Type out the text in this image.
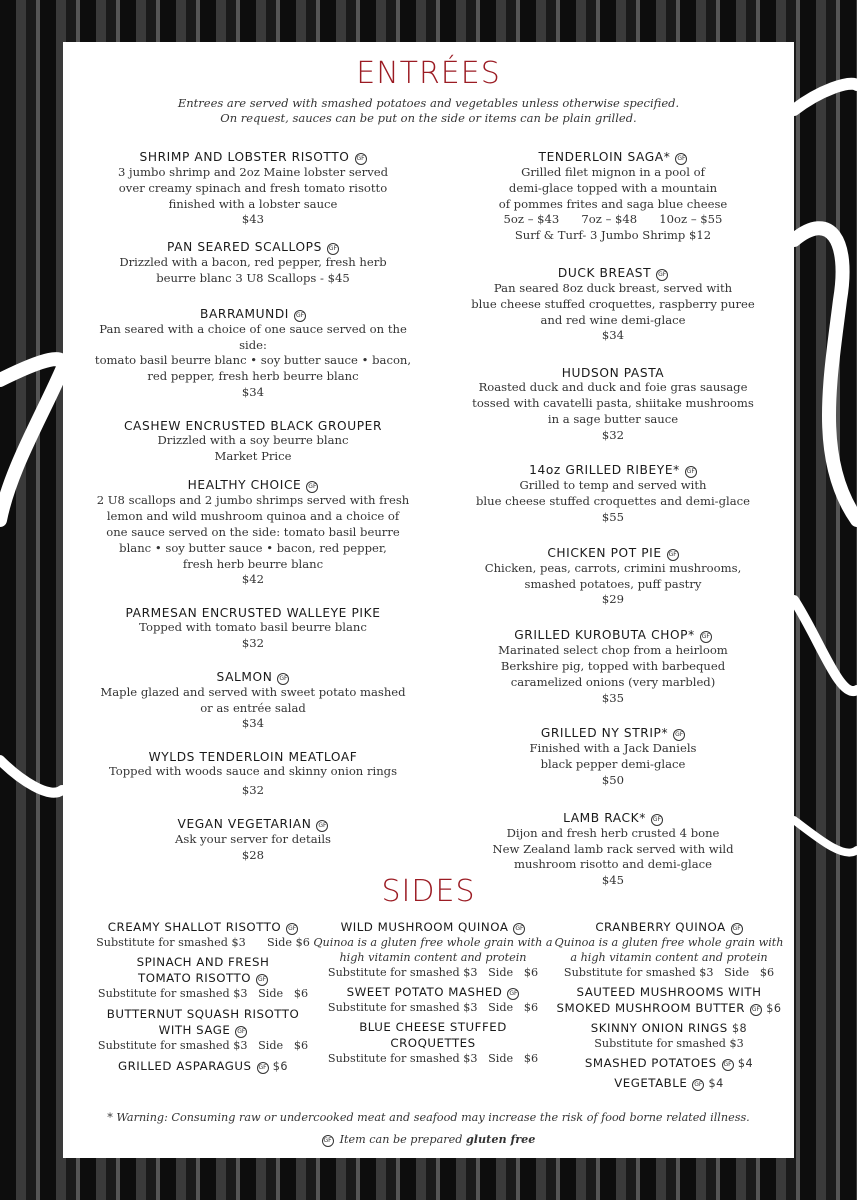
ENTRÉES
Entrees are served with smashed potatoes and vegetables unless otherwise specified.
On request, sauces can be put on the side or items can be plain grilled.
SHRIMP AND LOBSTER RISOTTO GF
3 jumbo shrimp and 2oz Maine lobster served
over creamy spinach and fresh tomato risotto
finished with a lobster sauce
$43
PAN SEARED SCALLOPS GF
Drizzled with a bacon, red pepper, fresh herb
beurre blanc 3 U8 Scallops - $45
BARRAMUNDI GF
Pan seared with a choice of one sauce served on the side:
tomato basil beurre blanc • soy butter sauce • bacon,
red pepper, fresh herb beurre blanc
$34
CASHEW ENCRUSTED BLACK GROUPER
Drizzled with a soy beurre blanc
Market Price
HEALTHY CHOICE GF
2 U8 scallops and 2 jumbo shrimps served with fresh
lemon and wild mushroom quinoa and a choice of
one sauce served on the side: tomato basil beurre
blanc • soy butter sauce • bacon, red pepper,
fresh herb beurre blanc
$42
PARMESAN ENCRUSTED WALLEYE PIKE
Topped with tomato basil beurre blanc
$32
SALMON GF
Maple glazed and served with sweet potato mashed
or as entrée salad
$34
WYLDS TENDERLOIN MEATLOAF
Topped with woods sauce and skinny onion rings
$32
VEGAN VEGETARIAN GF
Ask your server for details
$28
TENDERLOIN SAGA* GF
Grilled filet mignon in a pool of
demi-glace topped with a mountain
of pommes frites and saga blue cheese
5oz – $43      7oz – $48      10oz – $55
Surf & Turf- 3 Jumbo Shrimp $12
DUCK BREAST GF
Pan seared 8oz duck breast, served with
blue cheese stuffed croquettes, raspberry puree
and red wine demi-glace
$34
HUDSON PASTA
Roasted duck and duck and foie gras sausage
tossed with cavatelli pasta, shiitake mushrooms
in a sage butter sauce
$32
14oz GRILLED RIBEYE* GF
Grilled to temp and served with
blue cheese stuffed croquettes and demi-glace
$55
CHICKEN POT PIE GF
Chicken, peas, carrots, crimini mushrooms,
smashed potatoes, puff pastry
$29
GRILLED KUROBUTA CHOP* GF
Marinated select chop from a heirloom
Berkshire pig, topped with barbequed
caramelized onions (very marbled)
$35
GRILLED NY STRIP* GF
Finished with a Jack Daniels
black pepper demi-glace
$50
LAMB RACK* GF
Dijon and fresh herb crusted 4 bone
New Zealand lamb rack served with wild
mushroom risotto and demi-glace
$45
SIDES
CREAMY SHALLOT RISOTTO GF
Substitute for smashed $3      Side $6
SPINACH AND FRESH
TOMATO RISOTTO GF
Substitute for smashed $3   Side   $6
BUTTERNUT SQUASH RISOTTO
WITH SAGE GF
Substitute for smashed $3   Side   $6
GRILLED ASPARAGUS GF $6
WILD MUSHROOM QUINOA GF
Quinoa is a gluten free whole grain with a
high vitamin content and protein
Substitute for smashed $3   Side   $6
SWEET POTATO MASHED GF
Substitute for smashed $3   Side   $6
BLUE CHEESE STUFFED
CROQUETTES
Substitute for smashed $3   Side   $6
CRANBERRY QUINOA GF
Quinoa is a gluten free whole grain with
a high vitamin content and protein
Substitute for smashed $3   Side   $6
SAUTEED MUSHROOMS WITH
SMOKED MUSHROOM BUTTER GF $6
SKINNY ONION RINGS $8
Substitute for smashed $3
SMASHED POTATOES GF $4
VEGETABLE GF $4
* Warning: Consuming raw or undercooked meat and seafood may increase the risk of food borne related illness.
GF Item can be prepared gluten free
